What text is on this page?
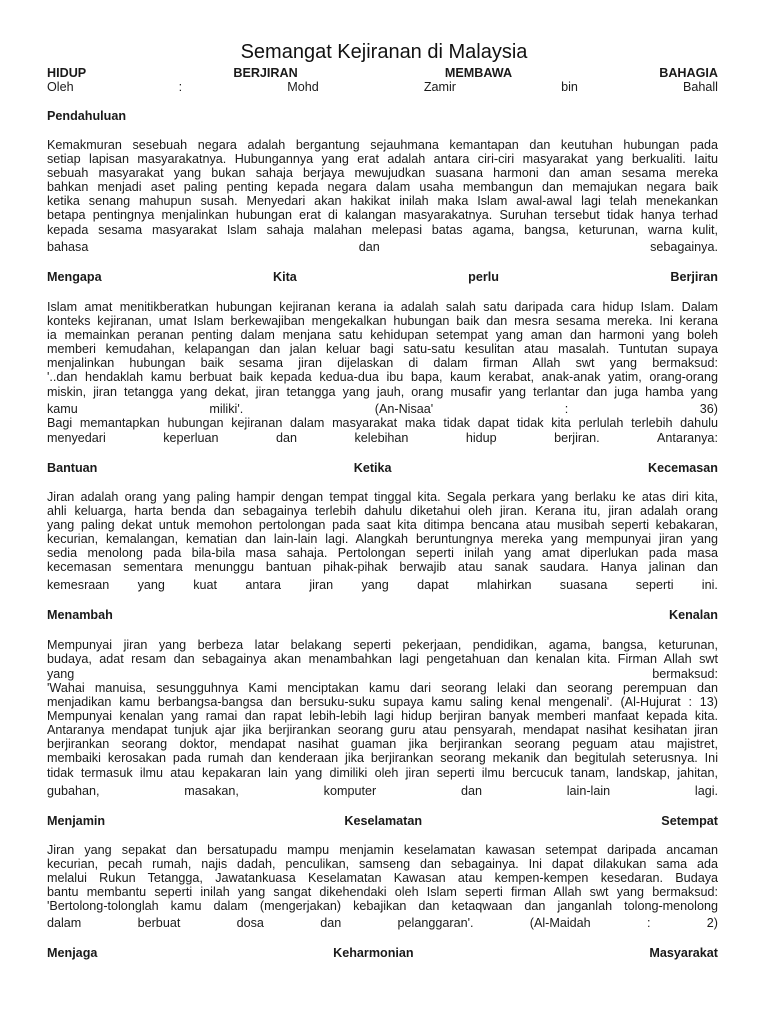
Semangat Kejiranan di Malaysia
HIDUP	BERJIRAN	MEMBAWA	BAHAGIA
Oleh	:	Mohd	Zamir	bin	Bahall
Pendahuluan
Kemakmuran sesebuah negara adalah bergantung sejauhmana kemantapan dan keutuhan hubungan pada
setiap lapisan masyarakatnya. Hubungannya yang erat adalah antara ciri-ciri masyarakat yang berkualiti. Iaitu
sebuah masyarakat yang bukan sahaja berjaya mewujudkan suasana harmoni dan aman sesama mereka
bahkan menjadi aset paling penting kepada negara dalam usaha membangun dan memajukan negara baik
ketika senang mahupun susah. Menyedari akan hakikat inilah maka Islam awal-awal lagi telah menekankan
betapa pentingnya menjalinkan hubungan erat di kalangan masyarakatnya. Suruhan tersebut tidak hanya terhad
kepada sesama masyarakat Islam sahaja malahan melepasi batas agama, bangsa, keturunan, warna kulit,
bahasa	dan	sebagainya.
Mengapa	Kita	perlu	Berjiran
Islam amat menitikberatkan hubungan kejiranan kerana ia adalah salah satu daripada cara hidup Islam. Dalam
konteks kejiranan, umat Islam berkewajiban mengekalkan hubungan baik dan mesra sesama mereka. Ini kerana
ia memainkan peranan penting dalam menjana satu kehidupan setempat yang aman dan harmoni yang boleh
memberi kemudahan, kelapangan dan jalan keluar bagi satu-satu kesulitan atau masalah. Tuntutan supaya
menjalinkan hubungan baik sesama jiran dijelaskan di dalam firman Allah swt yang bermaksud:
'..dan hendaklah kamu berbuat baik kepada kedua-dua ibu bapa, kaum kerabat, anak-anak yatim, orang-orang
miskin, jiran tetangga yang dekat, jiran tetangga yang jauh, orang musafir yang terlantar dan juga hamba yang
kamu	miliki'.	(An-Nisaa'	:	36)
Bagi memantapkan hubungan kejiranan dalam masyarakat maka tidak dapat tidak kita perlulah terlebih dahulu
menyedari	keperluan	dan	kelebihan	hidup	berjiran.	Antaranya:
Bantuan	Ketika	Kecemasan
Jiran adalah orang yang paling hampir dengan tempat tinggal kita. Segala perkara yang berlaku ke atas diri kita,
ahli keluarga, harta benda dan sebagainya terlebih dahulu diketahui oleh jiran. Kerana itu, jiran adalah orang
yang paling dekat untuk memohon pertolongan pada saat kita ditimpa bencana atau musibah seperti kebakaran,
kecurian, kemalangan, kematian dan lain-lain lagi. Alangkah beruntungnya mereka yang mempunyai jiran yang
sedia menolong pada bila-bila masa sahaja. Pertolongan seperti inilah yang amat diperlukan pada masa
kecemasan sementara menunggu bantuan pihak-pihak berwajib atau sanak saudara. Hanya jalinan dan
kemesraan yang kuat antara jiran yang dapat mlahirkan suasana seperti ini.
Menambah	Kenalan
Mempunyai jiran yang berbeza latar belakang seperti pekerjaan, pendidikan, agama, bangsa, keturunan,
budaya, adat resam dan sebagainya akan menambahkan lagi pengetahuan dan kenalan kita. Firman Allah swt
yang	bermaksud:
'Wahai manuisa, sesungguhnya Kami menciptakan kamu dari seorang lelaki dan seorang perempuan dan
menjadikan kamu berbangsa-bangsa dan bersuku-suku supaya kamu saling kenal mengenali'. (Al-Hujurat : 13)
Mempunyai kenalan yang ramai dan rapat lebih-lebih lagi hidup berjiran banyak memberi manfaat kepada kita.
Antaranya mendapat tunjuk ajar jika berjirankan seorang guru atau pensyarah, mendapat nasihat kesihatan jiran
berjirankan seorang doktor, mendapat nasihat guaman jika berjirankan seorang peguam atau majistret,
membaiki kerosakan pada rumah dan kenderaan jika berjirankan seorang mekanik dan begitulah seterusnya. Ini
tidak termasuk ilmu atau kepakaran lain yang dimiliki oleh jiran seperti ilmu bercucuk tanam, landskap, jahitan,
gubahan,	masakan,	komputer	dan	lain-lain	lagi.
Menjamin	Keselamatan	Setempat
Jiran yang sepakat dan bersatupadu mampu menjamin keselamatan kawasan setempat daripada ancaman
kecurian, pecah rumah, najis dadah, penculikan, samseng dan sebagainya. Ini dapat dilakukan sama ada
melalui Rukun Tetangga, Jawatankuasa Keselamatan Kawasan atau kempen-kempen kesedaran. Budaya
bantu membantu seperti inilah yang sangat dikehendaki oleh Islam seperti firman Allah swt yang bermaksud:
'Bertolong-tolonglah kamu dalam (mengerjakan) kebajikan dan ketaqwaan dan janganlah tolong-menolong
dalam	berbuat	dosa	dan	pelanggaran'.	(Al-Maidah	:	2)
Menjaga	Keharmonian	Masyarakat
